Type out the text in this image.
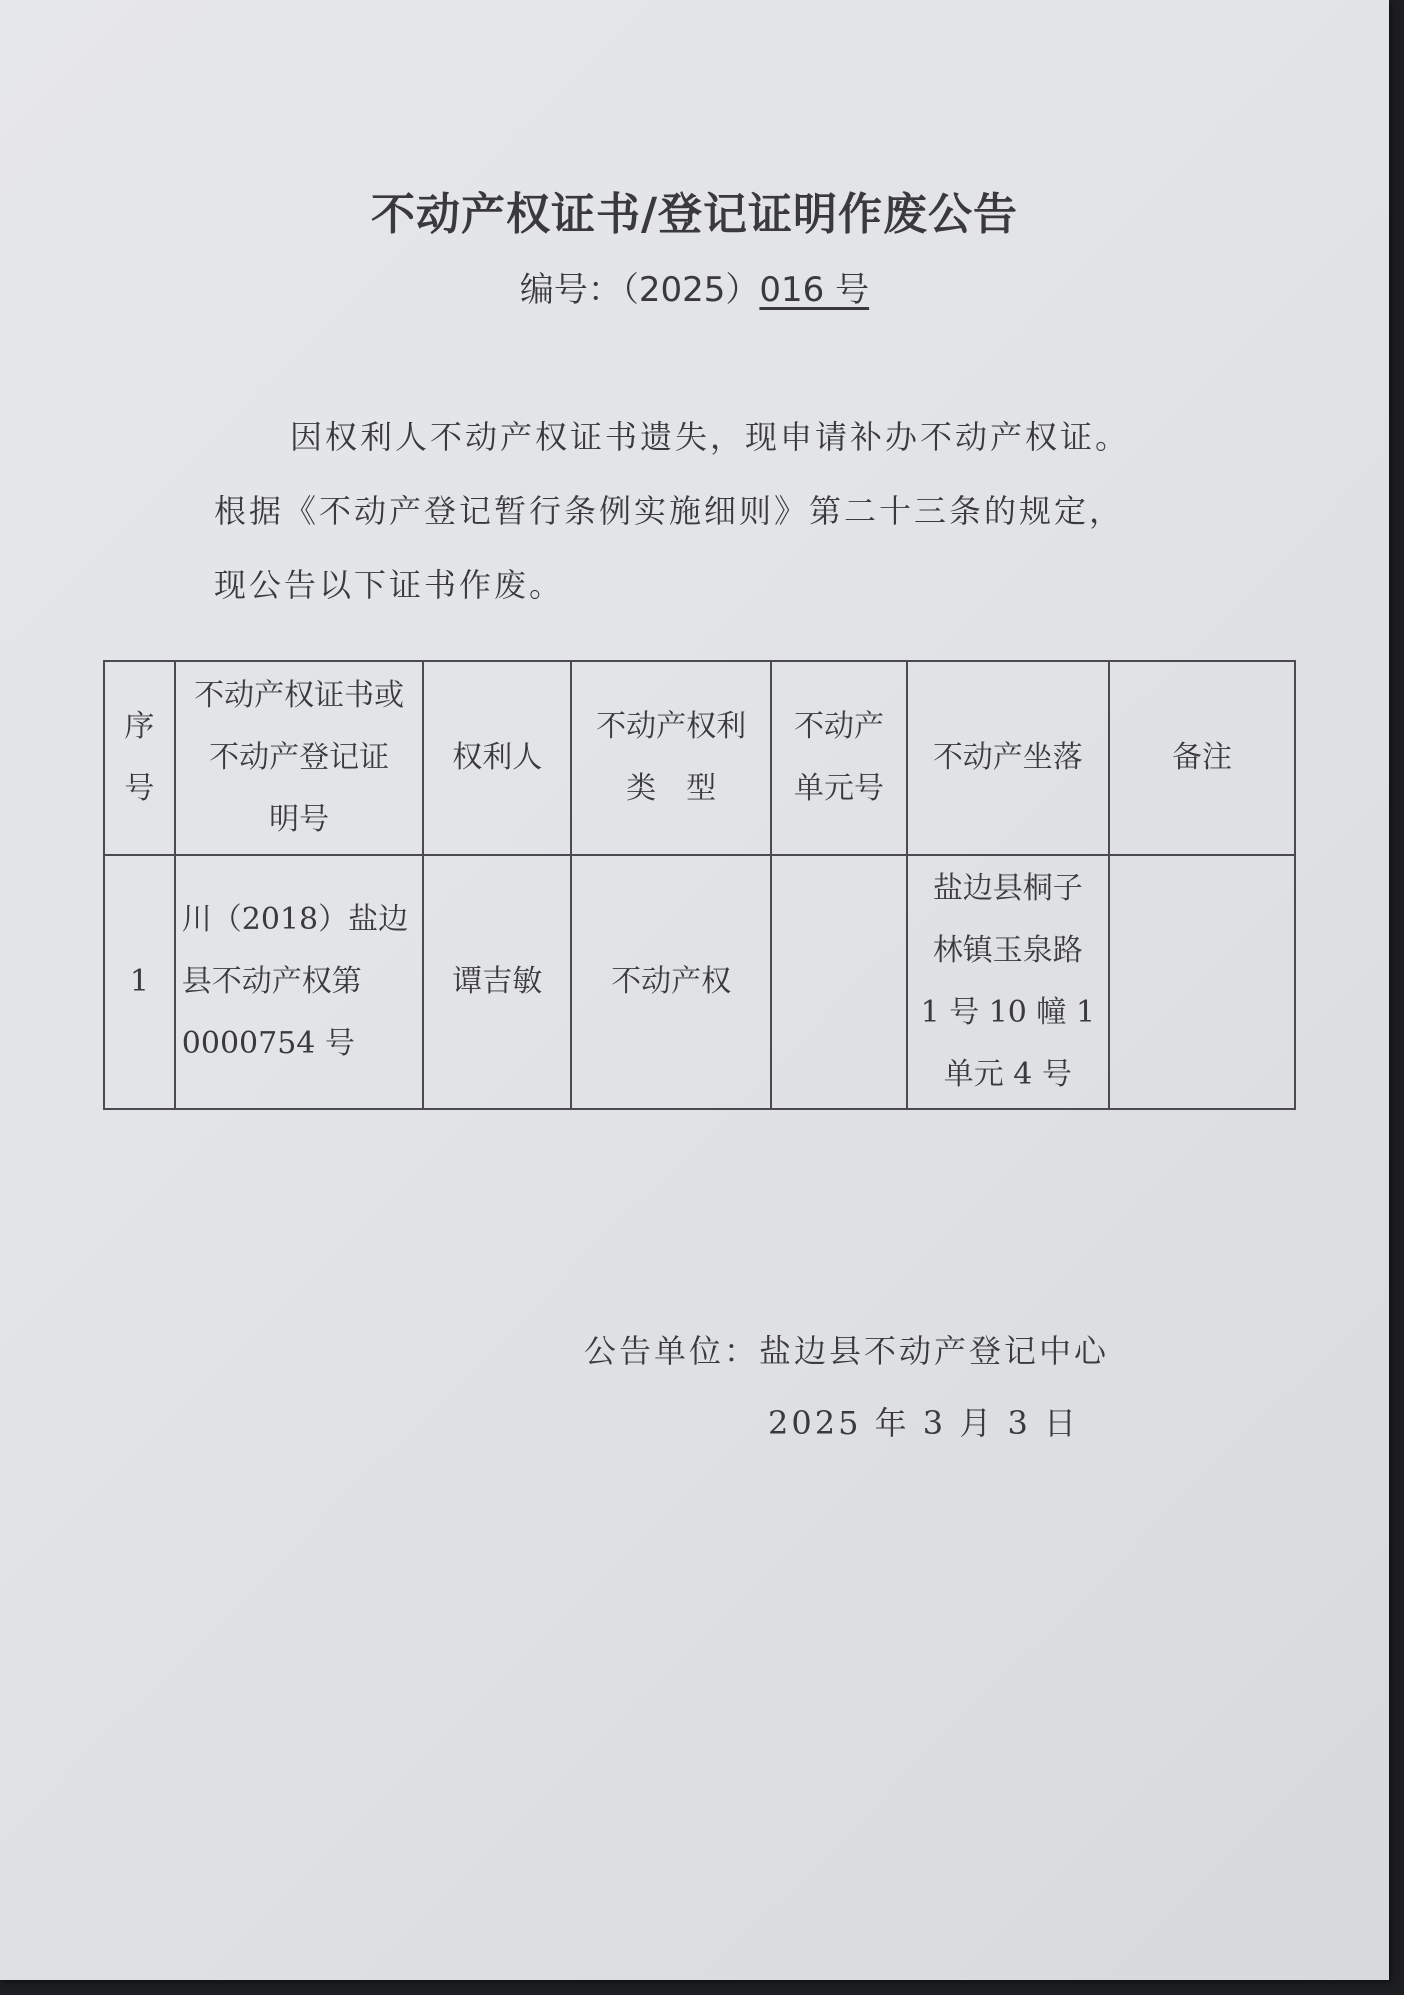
不动产权证书/登记证明作废公告
编号：（2025）016 号
因权利人不动产权证书遗失，现申请补办不动产权证。
根据《不动产登记暂行条例实施细则》第二十三条的规定，
现公告以下证书作废。
序号	不动产权证书或
不动产登记证
明号	权利人	不动产权利
类　型	不动产
单元号	不动产坐落	备注
1	川（2018）盐边
县不动产权第
0000754 号	谭吉敏	不动产权		盐边县桐子
林镇玉泉路
1 号 10 幢 1
单元 4 号	
公告单位：盐边县不动产登记中心
2025 年 3 月 3 日
